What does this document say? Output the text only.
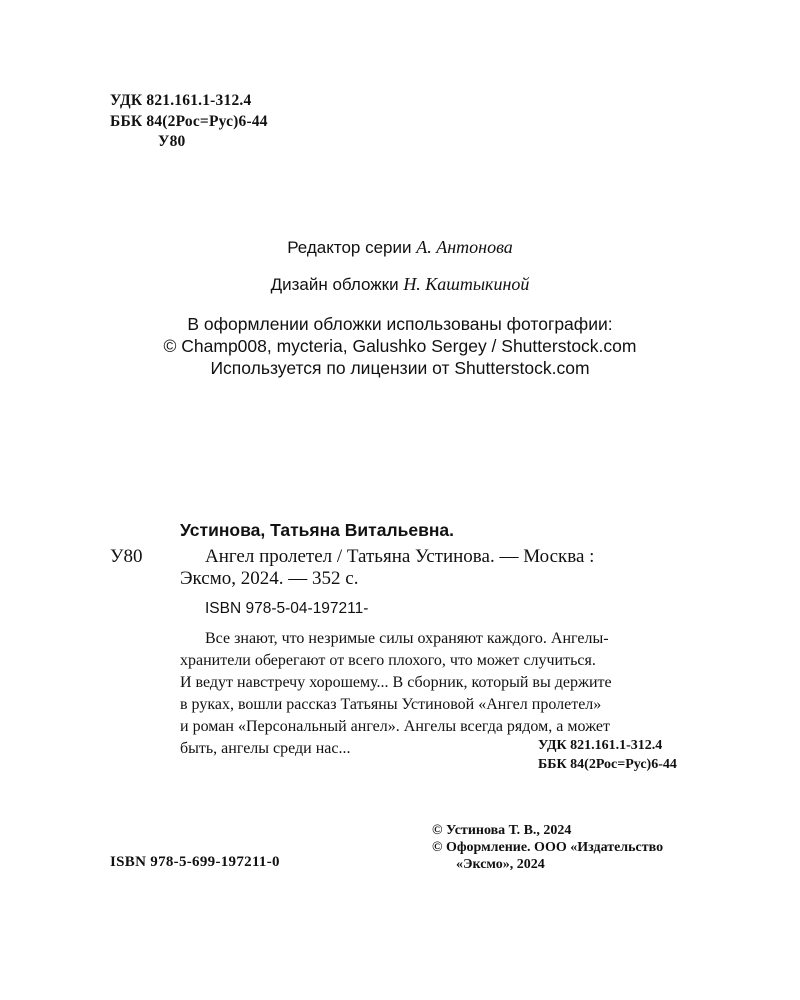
УДК 821.161.1-312.4
ББК 84(2Рос=Рус)6-44
У80
Редактор серии А. Антонова
Дизайн обложки Н. Каштыкиной
В оформлении обложки использованы фотографии:
© Champ008, mycteria, Galushko Sergey / Shutterstock.com
Используется по лицензии от Shutterstock.com
Устинова, Татьяна Витальевна.
У80	Ангел пролетел / Татьяна Устинова. — Москва :
Эксмо, 2024. — 352 с.
ISBN 978-5-04-197211-
Все знают, что незримые силы охраняют каждого. Ангелы-
хранители оберегают от всего плохого, что может случиться.
И ведут навстречу хорошему... В сборник, который вы держите
в руках, вошли рассказ Татьяны Устиновой «Ангел пролетел»
и роман «Персональный ангел». Ангелы всегда рядом, а может
быть, ангелы среди нас...	УДК 821.161.1-312.4
ББК 84(2Рос=Рус)6-44
ISBN 978-5-699-197211-0
© Устинова Т. В., 2024
© Оформление. ООО «Издательство
«Эксмо», 2024
